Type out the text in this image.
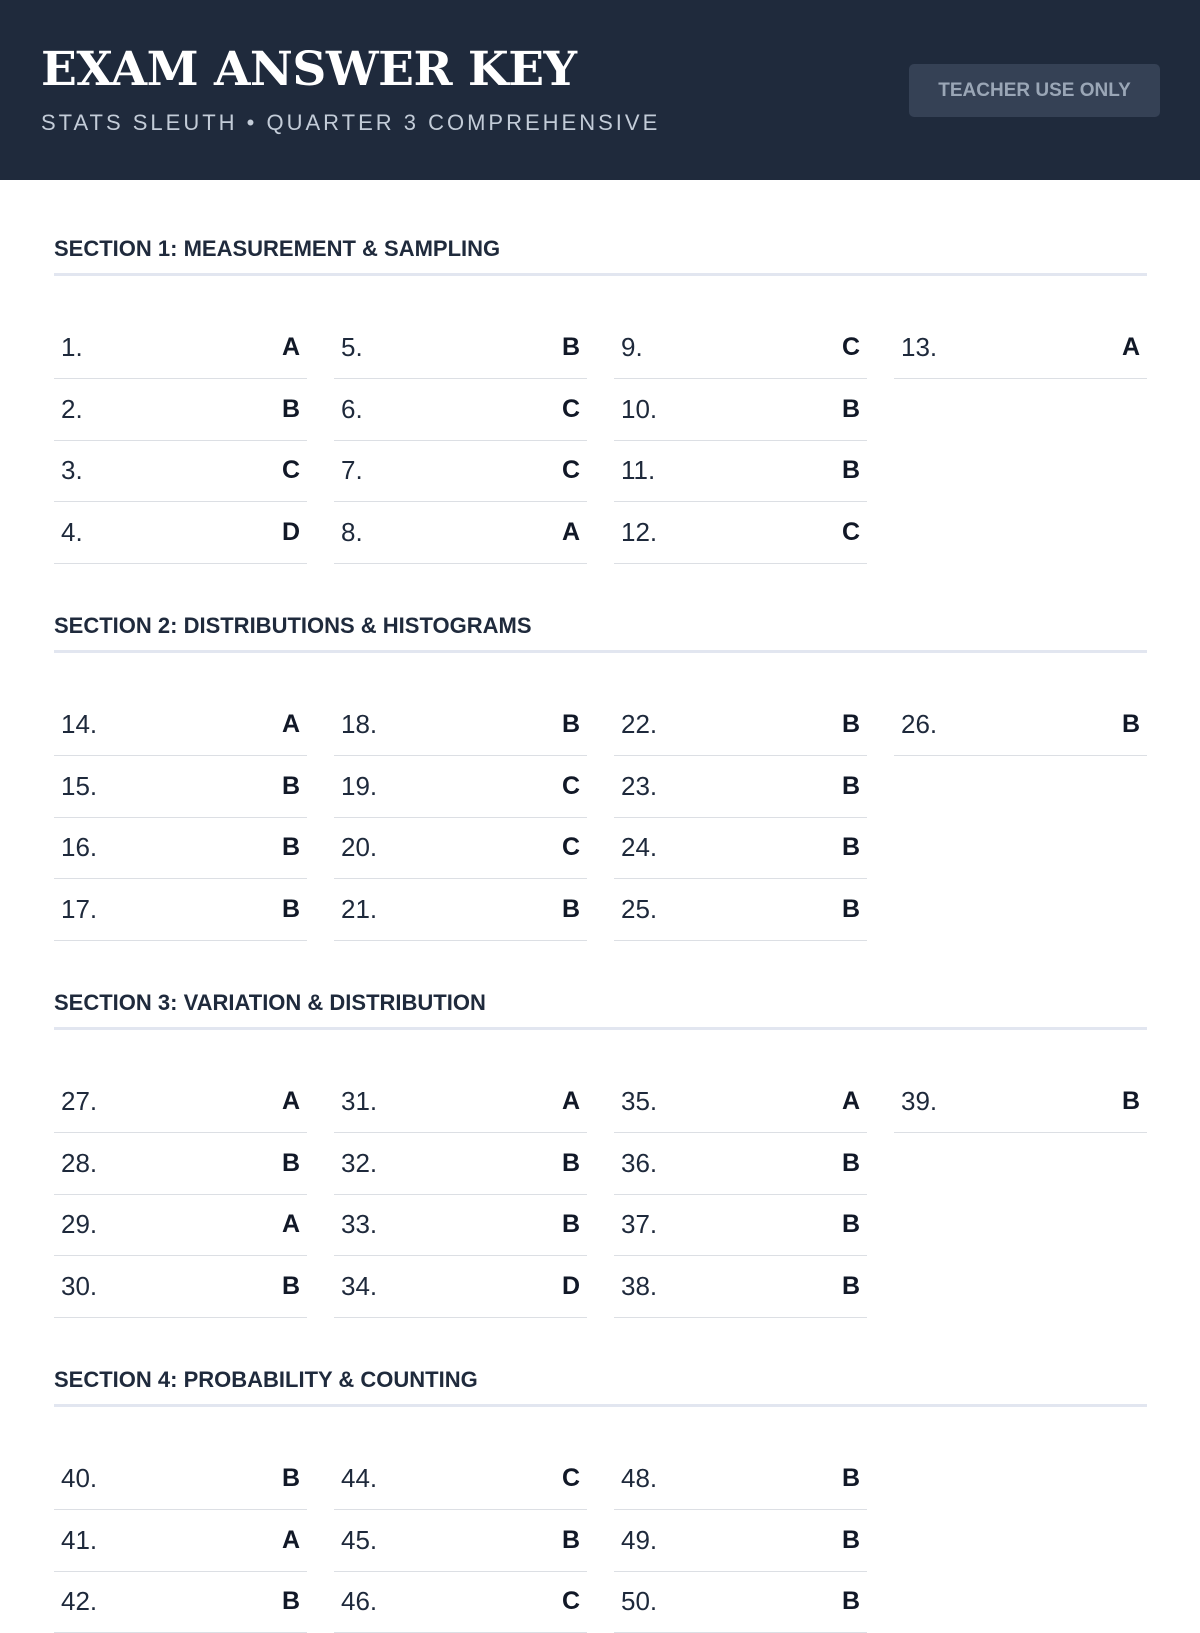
EXAM ANSWER KEY
STATS SLEUTH • QUARTER 3 COMPREHENSIVE
TEACHER USE ONLY
SECTION 1: MEASUREMENT & SAMPLING
1.	A
2.	B
3.	C
4.	D
5.	B
6.	C
7.	C
8.	A
9.	C
10.	B
11.	B
12.	C
13.	A
SECTION 2: DISTRIBUTIONS & HISTOGRAMS
14.	A
15.	B
16.	B
17.	B
18.	B
19.	C
20.	C
21.	B
22.	B
23.	B
24.	B
25.	B
26.	B
SECTION 3: VARIATION & DISTRIBUTION
27.	A
28.	B
29.	A
30.	B
31.	A
32.	B
33.	B
34.	D
35.	A
36.	B
37.	B
38.	B
39.	B
SECTION 4: PROBABILITY & COUNTING
40.	B
41.	A
42.	B
44.	C
45.	B
46.	C
48.	B
49.	B
50.	B
